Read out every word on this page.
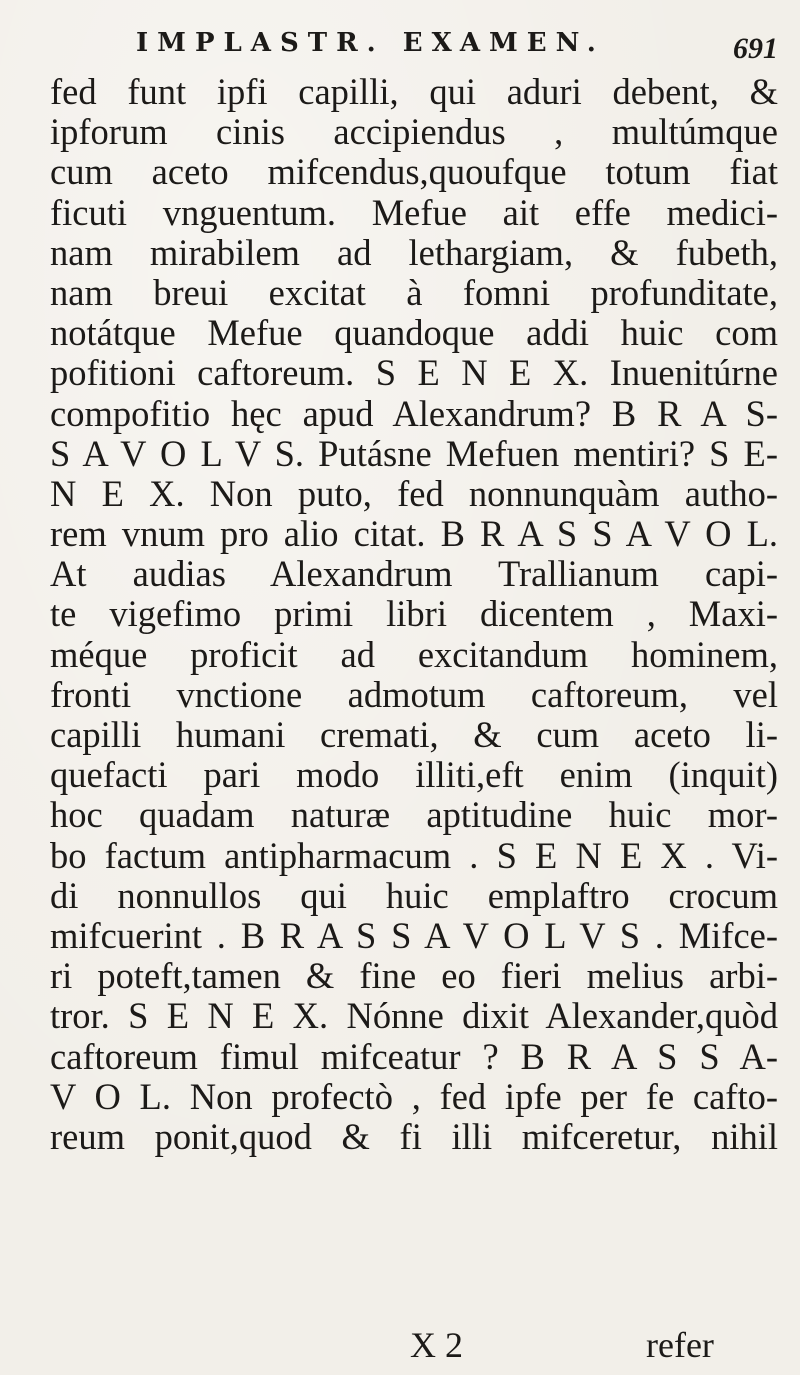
IMPLASTR. EXAMEN.	691
fed funt ipfi capilli, qui aduri debent, &
ipforum cinis accipiendus , multúmque
cum aceto mifcendus,quoufque totum fiat
ficuti vnguentum. Mefue ait effe medici-
nam mirabilem ad lethargiam, & fubeth,
nam breui excitat à fomni profunditate,
notátque Mefue quandoque addi huic com
pofitioni caftoreum. S E N E X. Inuenitúrne
compofitio hęc apud Alexandrum? B R A S-
S A V O L V S. Putásne Mefuen mentiri? S E-
N E X. Non puto, fed nonnunquàm autho-
rem vnum pro alio citat. B R A S S A V O L.
At audias Alexandrum Trallianum capi-
te vigefimo primi libri dicentem , Maxi-
méque proficit ad excitandum hominem,
fronti vnctione admotum caftoreum, vel
capilli humani cremati, & cum aceto li-
quefacti pari modo illiti,eft enim (inquit)
hoc quadam naturæ aptitudine huic mor-
bo factum antipharmacum . S E N E X . Vi-
di nonnullos qui huic emplaftro crocum
mifcuerint . B R A S S A V O L V S . Mifce-
ri poteft,tamen & fine eo fieri melius arbi-
tror. S E N E X. Nónne dixit Alexander,quòd
caftoreum fimul mifceatur ? B R A S S A-
V O L. Non profectò , fed ipfe per fe cafto-
reum ponit,quod & fi illi mifceretur, nihil
X 2	refer
